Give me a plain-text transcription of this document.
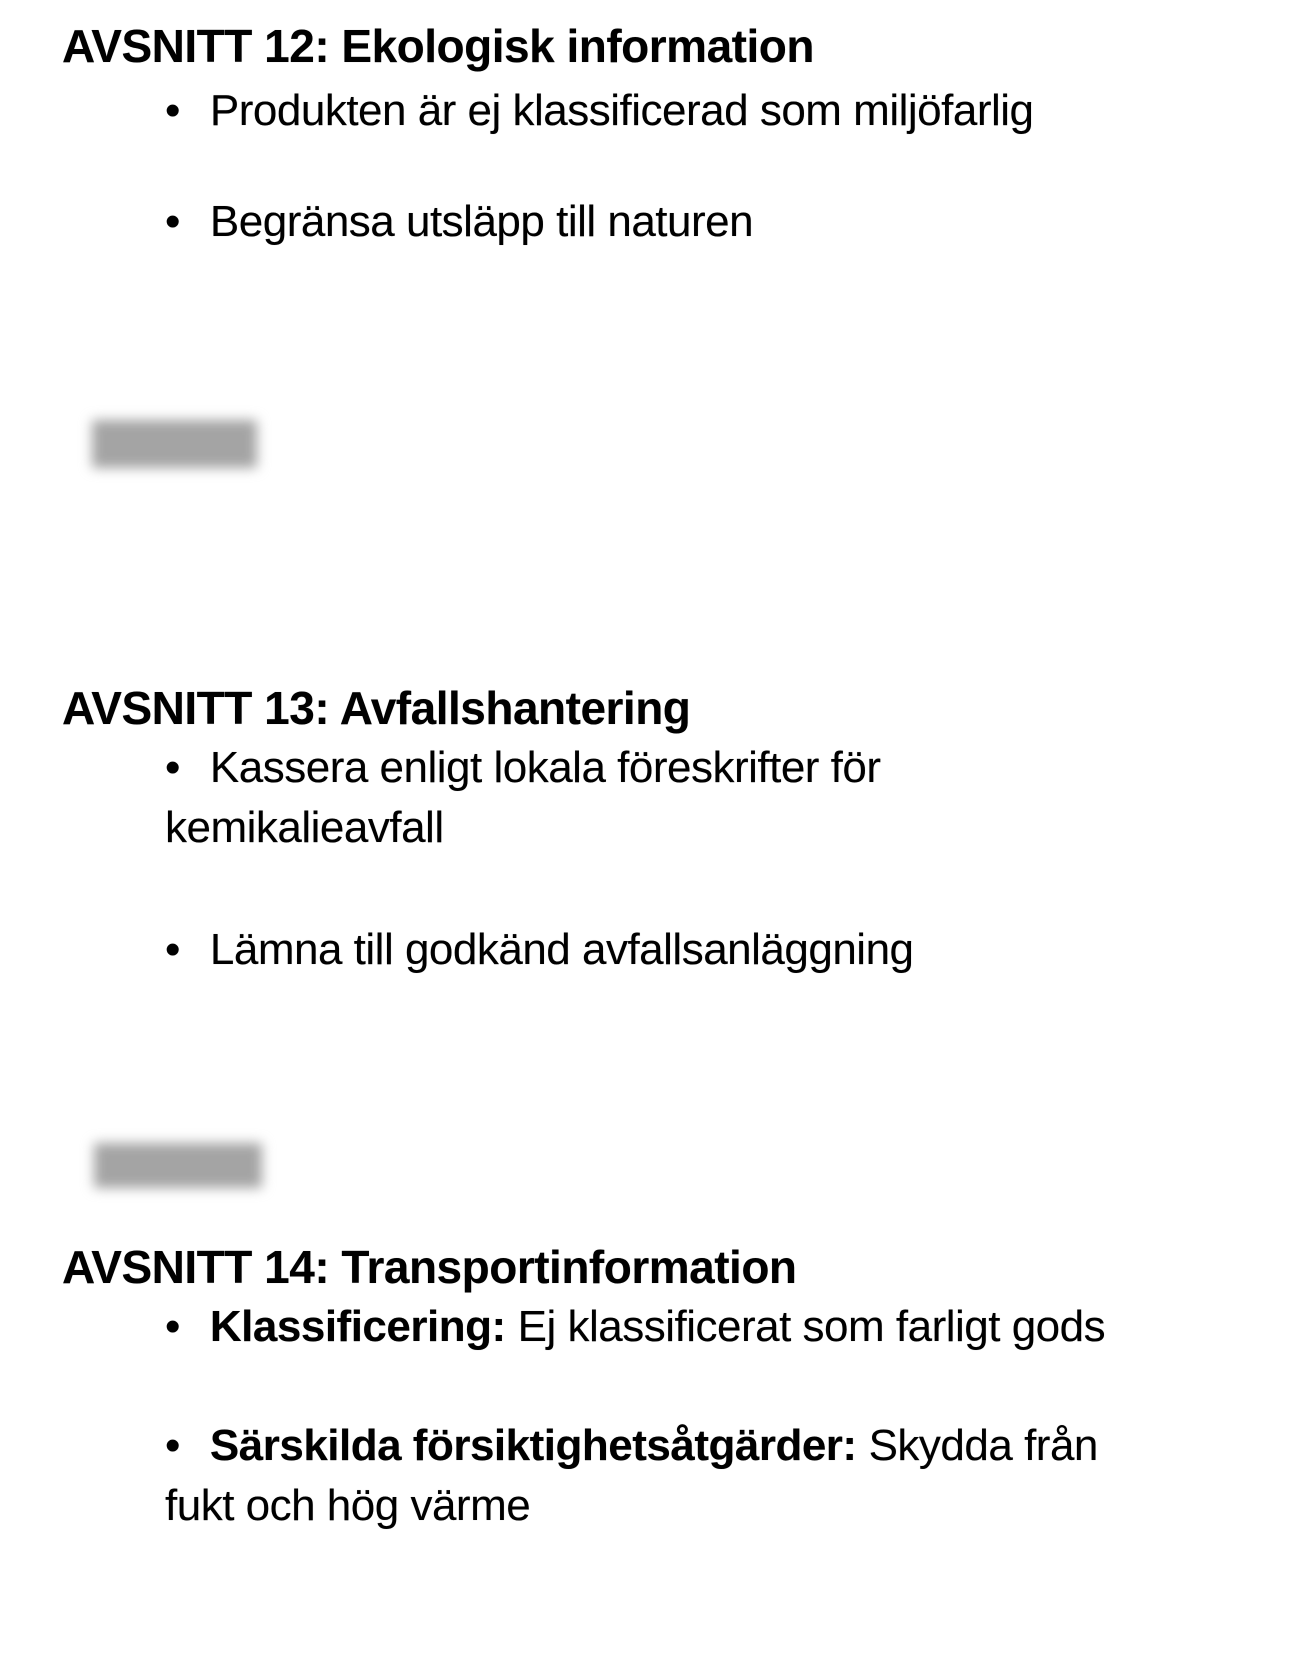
AVSNITT 12: Ekologisk information

• Produkten är ej klassificerad som miljöfarlig

• Begränsa utsläpp till naturen

AVSNITT 13: Avfallshantering

• Kassera enligt lokala föreskrifter för kemikalieavfall

• Lämna till godkänd avfallsanläggning

AVSNITT 14: Transportinformation

• Klassificering: Ej klassificerat som farligt gods

• Särskilda försiktighetsåtgärder: Skydda från fukt och hög värme
